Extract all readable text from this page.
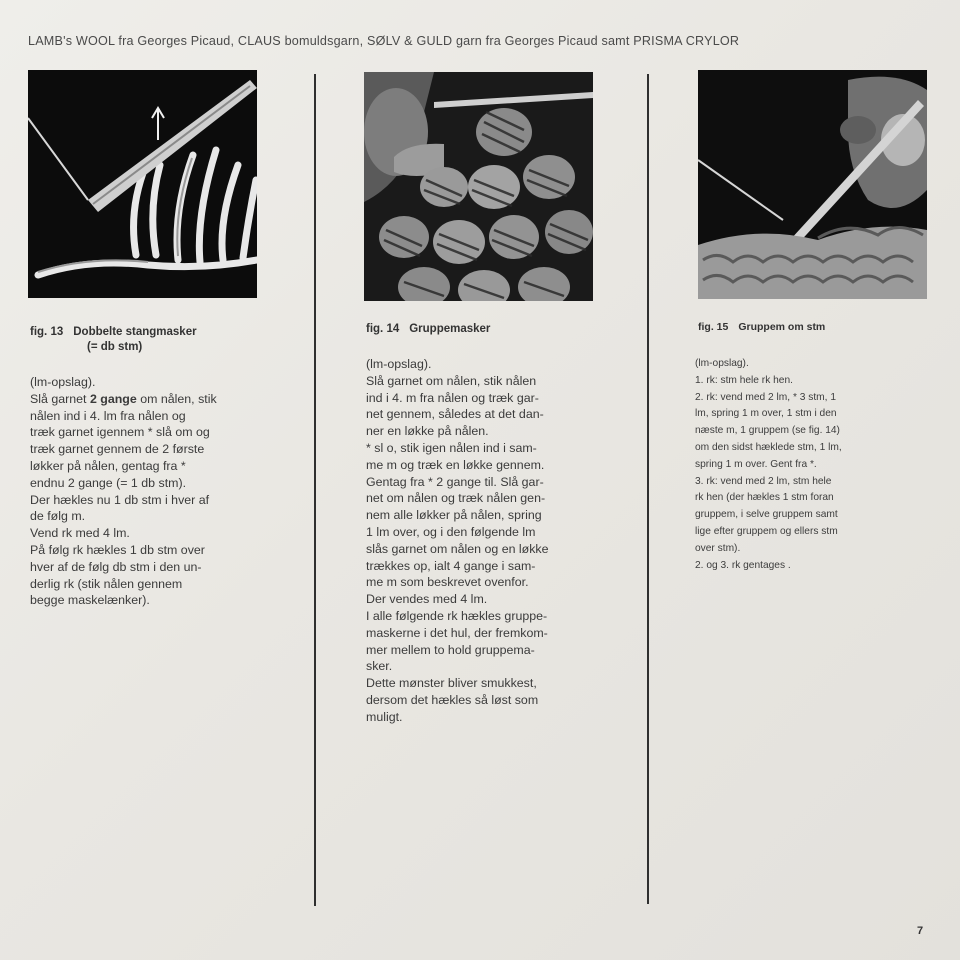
LAMB's WOOL fra Georges Picaud, CLAUS bomuldsgarn, SØLV & GULD garn fra Georges Picaud samt PRISMA CRYLOR
fig. 13 Dobbelte stangmasker
(= db stm)
fig. 14 Gruppemasker	fig. 15 Gruppem om stm

(lm-opslag).

Slå garnet 2 gange om nålen, stik

nålen ind i 4. lm fra nålen og

træk garnet igennem * slå om og

træk garnet gennem de 2 første

løkker på nålen, gentag fra *

endnu 2 gange (= 1 db stm).

Der hækles nu 1 db stm i hver af

de følg m.

Vend rk med 4 lm.

På følg rk hækles 1 db stm over

hver af de følg db stm i den un-

derlig rk (stik nålen gennem

begge maskelænker).

(lm-opslag).

Slå garnet om nålen, stik nålen

ind i 4. m fra nålen og træk gar-

net gennem, således at det dan-

ner en løkke på nålen.

* sl o, stik igen nålen ind i sam-

me m og træk en løkke gennem.

Gentag fra * 2 gange til. Slå gar-

net om nålen og træk nålen gen-

nem alle løkker på nålen, spring

1 lm over, og i den følgende lm

slås garnet om nålen og en løkke

trækkes op, ialt 4 gange i sam-

me m som beskrevet ovenfor.

Der vendes med 4 lm.

I alle følgende rk hækles gruppe-

maskerne i det hul, der fremkom-

mer mellem to hold gruppema-

sker.

Dette mønster bliver smukkest,

dersom det hækles så løst som

muligt.

(lm-opslag).

1. rk: stm hele rk hen.

2. rk: vend med 2 lm, * 3 stm, 1

lm, spring 1 m over, 1 stm i den

næste m, 1 gruppem (se fig. 14)

om den sidst hæklede stm, 1 lm,

spring 1 m over. Gent fra *.

3. rk: vend med 2 lm, stm hele

rk hen (der hækles 1 stm foran

gruppem, i selve gruppem samt

lige efter gruppem og ellers stm

over stm).

2. og 3. rk gentages .

7
